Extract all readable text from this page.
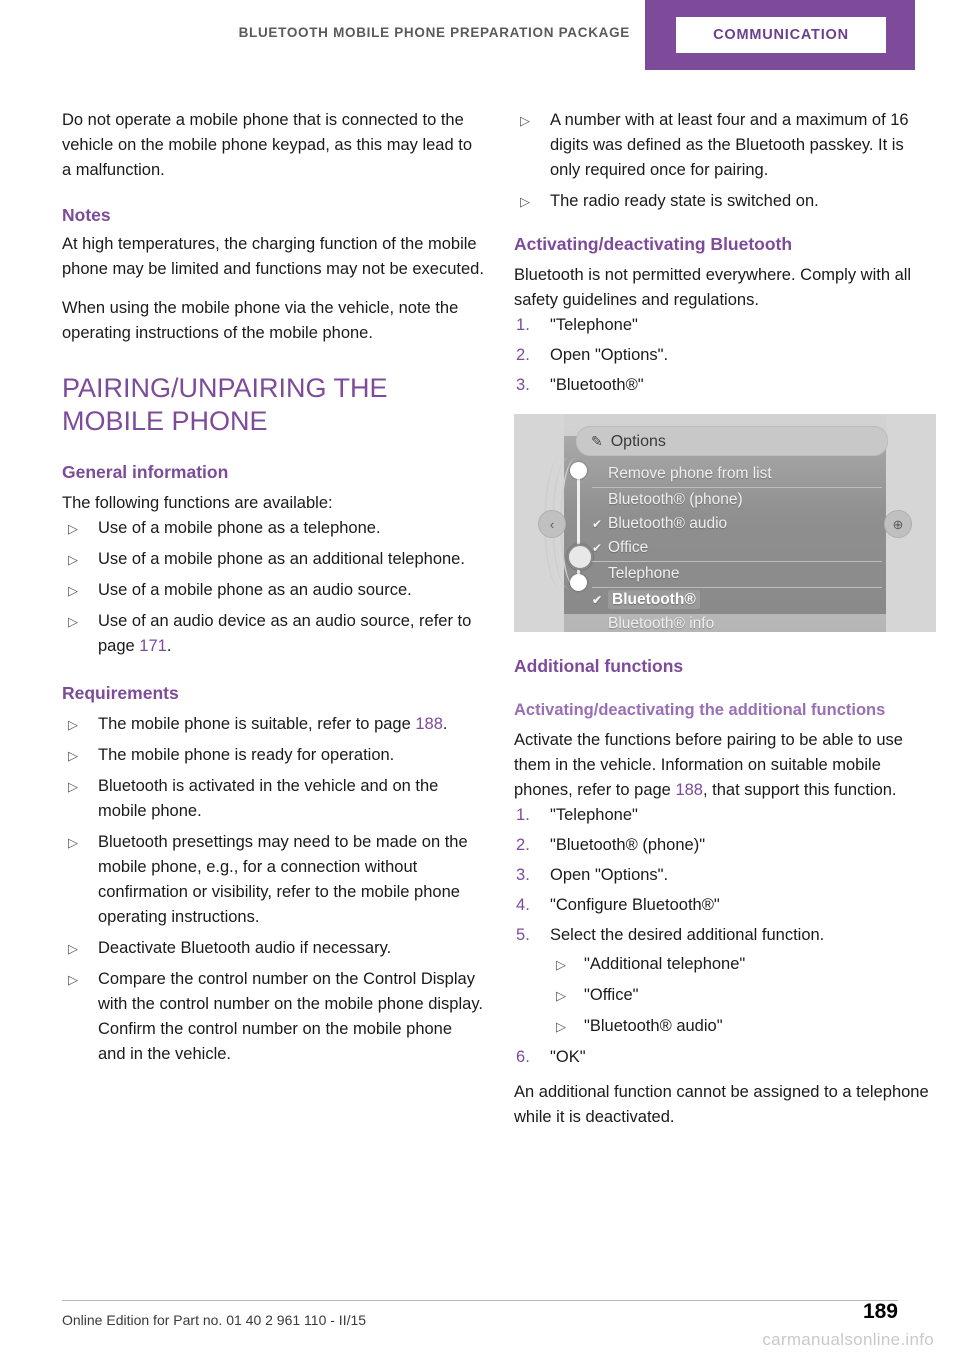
BLUETOOTH MOBILE PHONE PREPARATION PACKAGE	COMMUNICATION

Do not operate a mobile phone that is connected to the vehicle on the mobile phone keypad, as this may lead to a malfunction.

Notes

At high temperatures, the charging function of the mobile phone may be limited and functions may not be executed.

When using the mobile phone via the vehicle, note the operating instructions of the mobile phone.

PAIRING/UNPAIRING THE MOBILE PHONE
General information

The following functions are available:

▷ Use of a mobile phone as a telephone.
▷ Use of a mobile phone as an additional telephone.
▷ Use of a mobile phone as an audio source.
▷ Use of an audio device as an audio source, refer to page 171.
Requirements
▷ The mobile phone is suitable, refer to page 188.
▷ The mobile phone is ready for operation.
▷ Bluetooth is activated in the vehicle and on the mobile phone.
▷ Bluetooth presettings may need to be made on the mobile phone, e.g., for a connection without confirmation or visibility, refer to the mobile phone operating instructions.
▷ Deactivate Bluetooth audio if necessary.
▷ Compare the control number on the Control Display with the control number on the mobile phone display. Confirm the control number on the mobile phone and in the vehicle.
▷ A number with at least four and a maximum of 16 digits was defined as the Bluetooth passkey. It is only required once for pairing.
▷ The radio ready state is switched on.
Activating/deactivating Bluetooth

Bluetooth is not permitted everywhere. Comply with all safety guidelines and regulations.

"Telephone"
Open "Options".
"Bluetooth®"
‹	⊕
✎ Options
Remove phone from list
Bluetooth® (phone)
✔ Bluetooth® audio
✔ Office
Telephone
✔ Bluetooth®
Bluetooth® info
Additional functions
Activating/deactivating the additional functions

Activate the functions before pairing to be able to use them in the vehicle. Information on suitable mobile phones, refer to page 188, that support this function.

"Telephone"
"Bluetooth® (phone)"
Open "Options".
"Configure Bluetooth®"
Select the desired additional function.
▷ "Additional telephone"
▷ "Office"
▷ "Bluetooth® audio"
"OK"

An additional function cannot be assigned to a telephone while it is deactivated.

Online Edition for Part no. 01 40 2 961 110 - II/15	189
carmanualsonline.info
